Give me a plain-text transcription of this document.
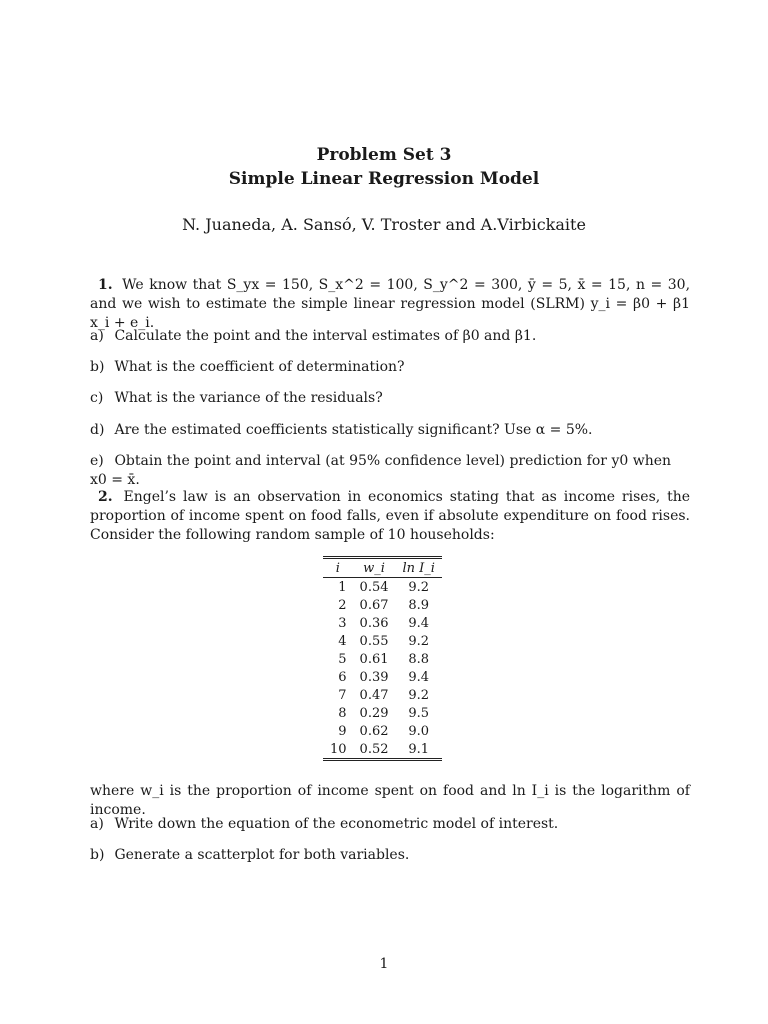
Problem Set 3
Simple Linear Regression Model
N. Juaneda, A. Sansó, V. Troster and A.Virbickaite
1. We know that S_yx = 150, S_x^2 = 100, S_y^2 = 300, ȳ = 5, x̄ = 15, n = 30, and we wish to estimate the simple linear regression model (SLRM) y_i = β0 + β1 x_i + e_i.
a) Calculate the point and the interval estimates of β0 and β1.
b) What is the coefficient of determination?
c) What is the variance of the residuals?
d) Are the estimated coefficients statistically significant? Use α = 5%.
e) Obtain the point and interval (at 95% confidence level) prediction for y0 when x0 = x̄.
2. Engel’s law is an observation in economics stating that as income rises, the proportion of income spent on food falls, even if absolute expenditure on food rises. Consider the following random sample of 10 households:
i	w_i	ln I_i
1	0.54	9.2
2	0.67	8.9
3	0.36	9.4
4	0.55	9.2
5	0.61	8.8
6	0.39	9.4
7	0.47	9.2
8	0.29	9.5
9	0.62	9.0
10	0.52	9.1
where w_i is the proportion of income spent on food and ln I_i is the logarithm of income.
a) Write down the equation of the econometric model of interest.
b) Generate a scatterplot for both variables.
1
